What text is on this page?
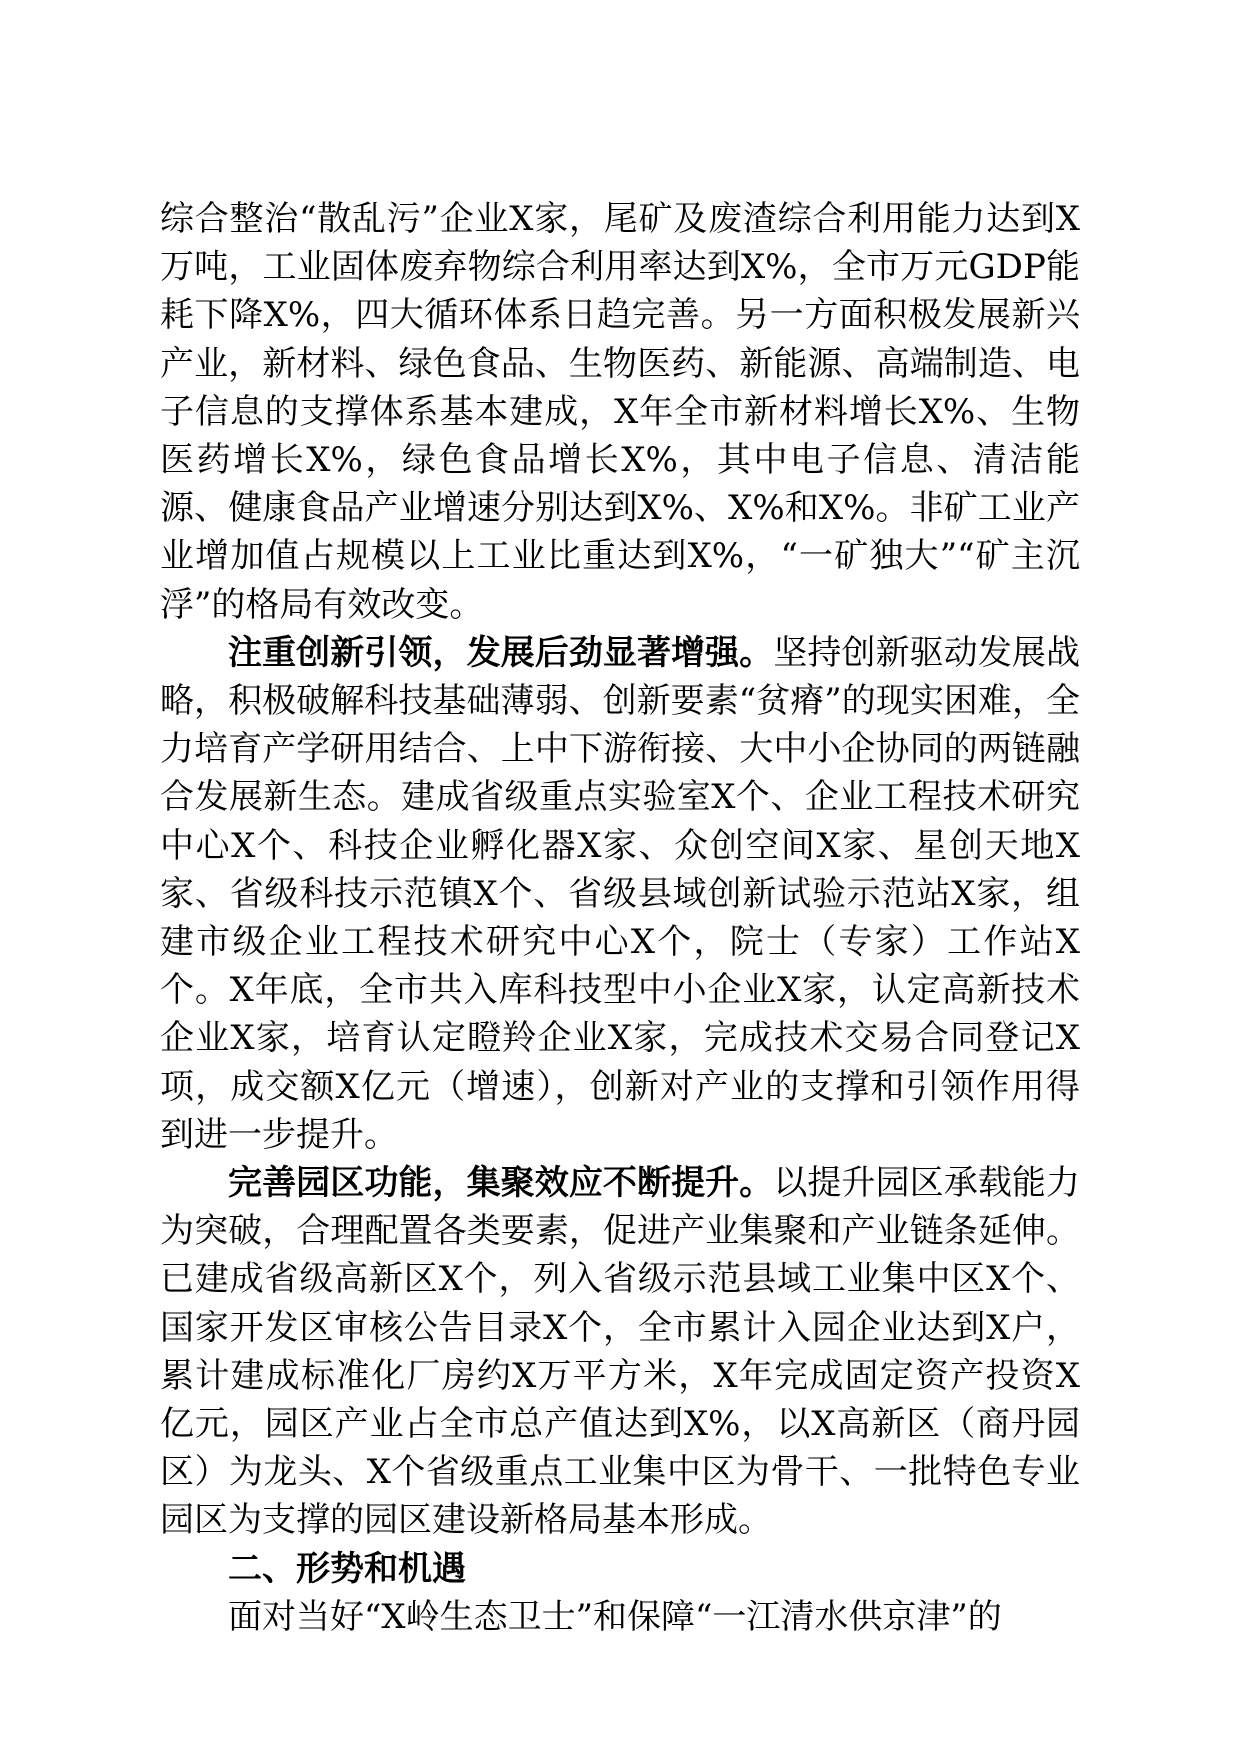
综合整治“散乱污”企业X家，尾矿及废渣综合利用能力达到X万吨，工业固体废弃物综合利用率达到X%，全市万元GDP能耗下降X%，四大循环体系日趋完善。另一方面积极发展新兴产业，新材料、绿色食品、生物医药、新能源、高端制造、电子信息的支撑体系基本建成，X年全市新材料增长X%、生物医药增长X%，绿色食品增长X%，其中电子信息、清洁能源、健康食品产业增速分别达到X%、X%和X%。非矿工业产业增加值占规模以上工业比重达到X%，“一矿独大”“矿主沉浮”的格局有效改变。

注重创新引领，发展后劲显著增强。坚持创新驱动发展战略，积极破解科技基础薄弱、创新要素“贫瘠”的现实困难，全力培育产学研用结合、上中下游衔接、大中小企协同的两链融合发展新生态。建成省级重点实验室X个、企业工程技术研究中心X个、科技企业孵化器X家、众创空间X家、星创天地X家、省级科技示范镇X个、省级县域创新试验示范站X家，组建市级企业工程技术研究中心X个，院士（专家）工作站X个。X年底，全市共入库科技型中小企业X家，认定高新技术企业X家，培育认定瞪羚企业X家，完成技术交易合同登记X项，成交额X亿元（增速），创新对产业的支撑和引领作用得到进一步提升。

完善园区功能，集聚效应不断提升。以提升园区承载能力为突破，合理配置各类要素，促进产业集聚和产业链条延伸。已建成省级高新区X个，列入省级示范县域工业集中区X个、国家开发区审核公告目录X个，全市累计入园企业达到X户，累计建成标准化厂房约X万平方米，X年完成固定资产投资X亿元，园区产业占全市总产值达到X%，以X高新区（商丹园区）为龙头、X个省级重点工业集中区为骨干、一批特色专业园区为支撑的园区建设新格局基本形成。

二、形势和机遇

面对当好“X岭生态卫士”和保障“一江清水供京津”的
